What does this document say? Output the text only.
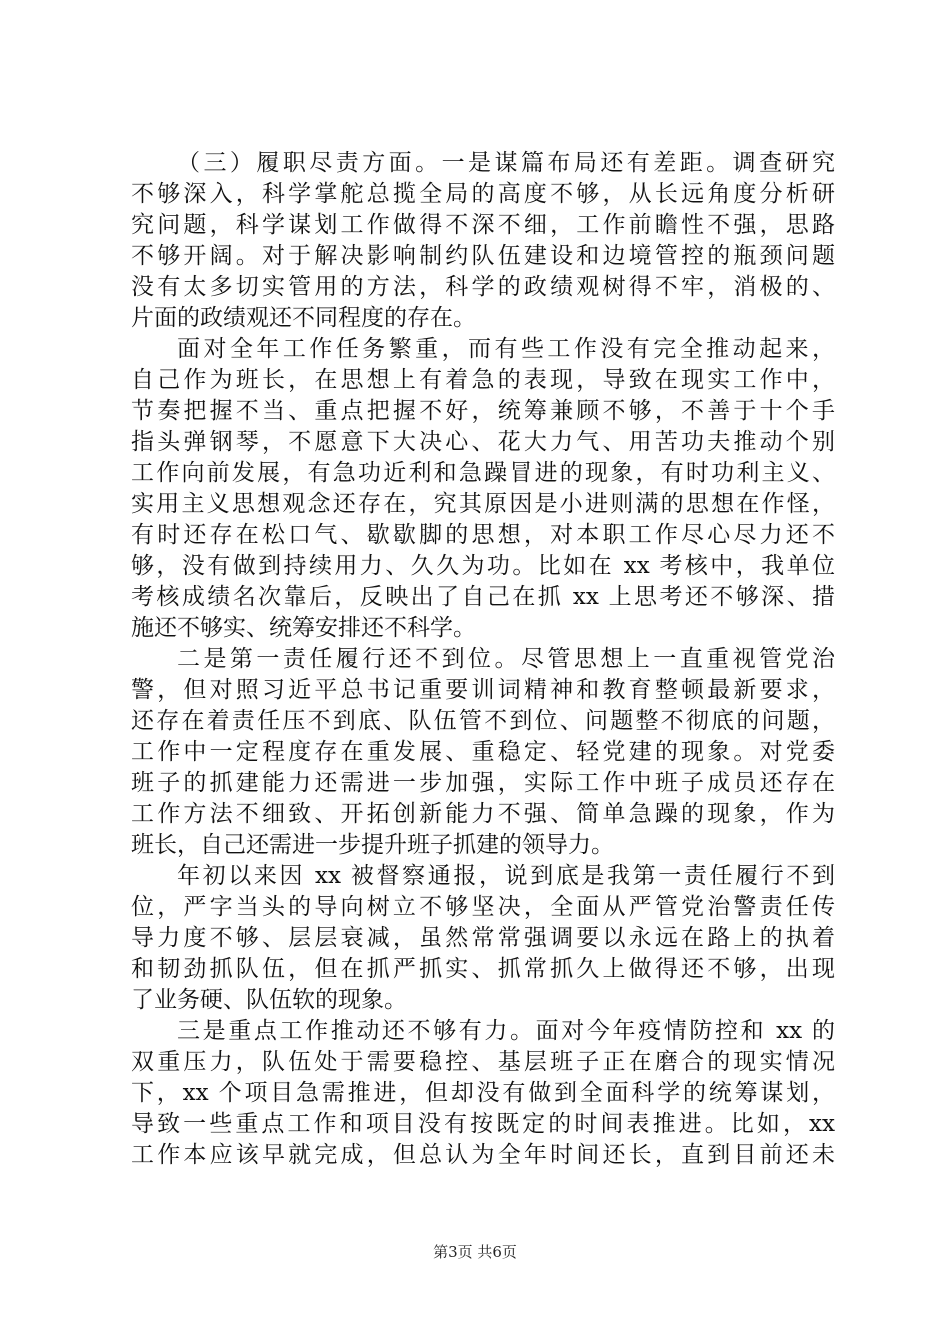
（三）履职尽责方面。一是谋篇布局还有差距。调查研究
不够深入，科学掌舵总揽全局的高度不够，从长远角度分析研
究问题，科学谋划工作做得不深不细，工作前瞻性不强，思路
不够开阔。对于解决影响制约队伍建设和边境管控的瓶颈问题
没有太多切实管用的方法，科学的政绩观树得不牢，消极的、
片面的政绩观还不同程度的存在。
面对全年工作任务繁重，而有些工作没有完全推动起来，
自己作为班长，在思想上有着急的表现，导致在现实工作中，
节奏把握不当、重点把握不好，统筹兼顾不够，不善于十个手
指头弹钢琴，不愿意下大决心、花大力气、用苦功夫推动个别
工作向前发展，有急功近利和急躁冒进的现象，有时功利主义、
实用主义思想观念还存在，究其原因是小进则满的思想在作怪，
有时还存在松口气、歇歇脚的思想，对本职工作尽心尽力还不
够，没有做到持续用力、久久为功。比如在 xx 考核中，我单位
考核成绩名次靠后，反映出了自己在抓 xx 上思考还不够深、措
施还不够实、统筹安排还不科学。
二是第一责任履行还不到位。尽管思想上一直重视管党治
警，但对照习近平总书记重要训词精神和教育整顿最新要求，
还存在着责任压不到底、队伍管不到位、问题整不彻底的问题，
工作中一定程度存在重发展、重稳定、轻党建的现象。对党委
班子的抓建能力还需进一步加强，实际工作中班子成员还存在
工作方法不细致、开拓创新能力不强、简单急躁的现象，作为
班长，自己还需进一步提升班子抓建的领导力。
年初以来因 xx 被督察通报，说到底是我第一责任履行不到
位，严字当头的导向树立不够坚决，全面从严管党治警责任传
导力度不够、层层衰减，虽然常常强调要以永远在路上的执着
和韧劲抓队伍，但在抓严抓实、抓常抓久上做得还不够，出现
了业务硬、队伍软的现象。
三是重点工作推动还不够有力。面对今年疫情防控和 xx 的
双重压力，队伍处于需要稳控、基层班子正在磨合的现实情况
下，xx 个项目急需推进，但却没有做到全面科学的统筹谋划，
导致一些重点工作和项目没有按既定的时间表推进。比如，xx
工作本应该早就完成，但总认为全年时间还长，直到目前还未
第3页 共6页
